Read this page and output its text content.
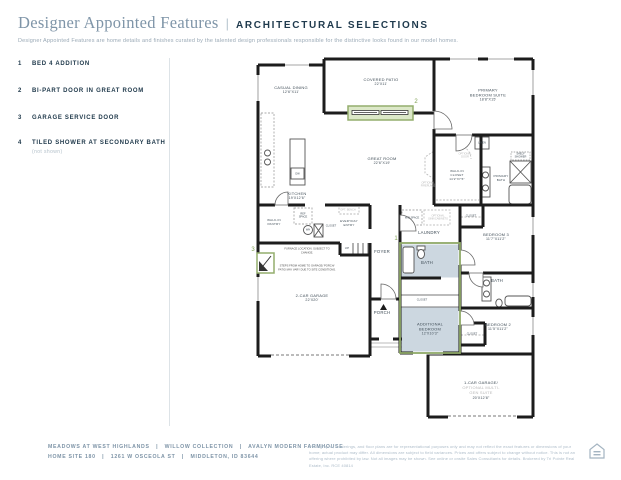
Designer Appointed Features | ARCHITECTURAL SELECTIONS
Designer Appointed Features are home details and finishes curated by the talented design professionals responsible for the distinctive looks found in our model homes.
1 BED 4 ADDITION
2 BI-PART DOOR IN GREAT ROOM
3 GARAGE SERVICE DOOR
4 TILED SHOWER AT SECONDARY BATH
(not shown)
CASUAL DINING
12'6"X11'
COVERED PATIO
22'X11'
PRIMARY BEDROOM SUITE
18'8"X15'
GREAT ROOM
22'6"X19'
KITCHEN
19'X12'6"
OPTIONAL FIREPLACE
WALK-IN CLOSET
14'2"X7'6"
PRIMARY BATH
LINEN
OPTIONAL DOOR
SHELF SHOWER
WALK-IN PANTRY
REF SPACE
OPT. BENCH
EVERYDAY ENTRY
CLOSET
WH
DW
UP
FOYER
FURNACE LOCATION. SUBJECT TO CHANGE.
STEPS FROM HOME TO GARAGE/ PORCH/ PATIO MAY VARY DUE TO SITE CONDITIONS.
2-CAR GARAGE
22'X20'
PORCH
W/D SPACE
OPTIONAL SINK/CABINETS
LAUNDRY
CLOSET
BEDROOM 3
11'7"X11'2"
BATH
BEDROOM 2
11'5"X11'2"
CLOSET
BATH
CLOSET
ADDITIONAL BEDROOM
12'X10'3"
1-CAR GARAGE/
OPTIONAL MULTI-GEN SUITE
20'X12'8"
1
2
3
MEADOWS AT WEST HIGHLANDS   |   WILLOW COLLECTION   |   AVALYN MODERN FARMHOUSE
HOME SITE 180   |   1261 W OSCEOLA ST   |   MIDDLETON, ID 83644
Photographs, renderings, and floor plans are for representational purposes only and may not reflect the exact features or dimensions of your home; actual product may differ. All dimensions are subject to field variances. Prices and offers subject to change without notice. This is not an offering where prohibited by law. Not all images may be shown. See online or onsite Sales Consultants for details. Brokered by Tri Pointe Real Estate, Inc. RCE 40814
